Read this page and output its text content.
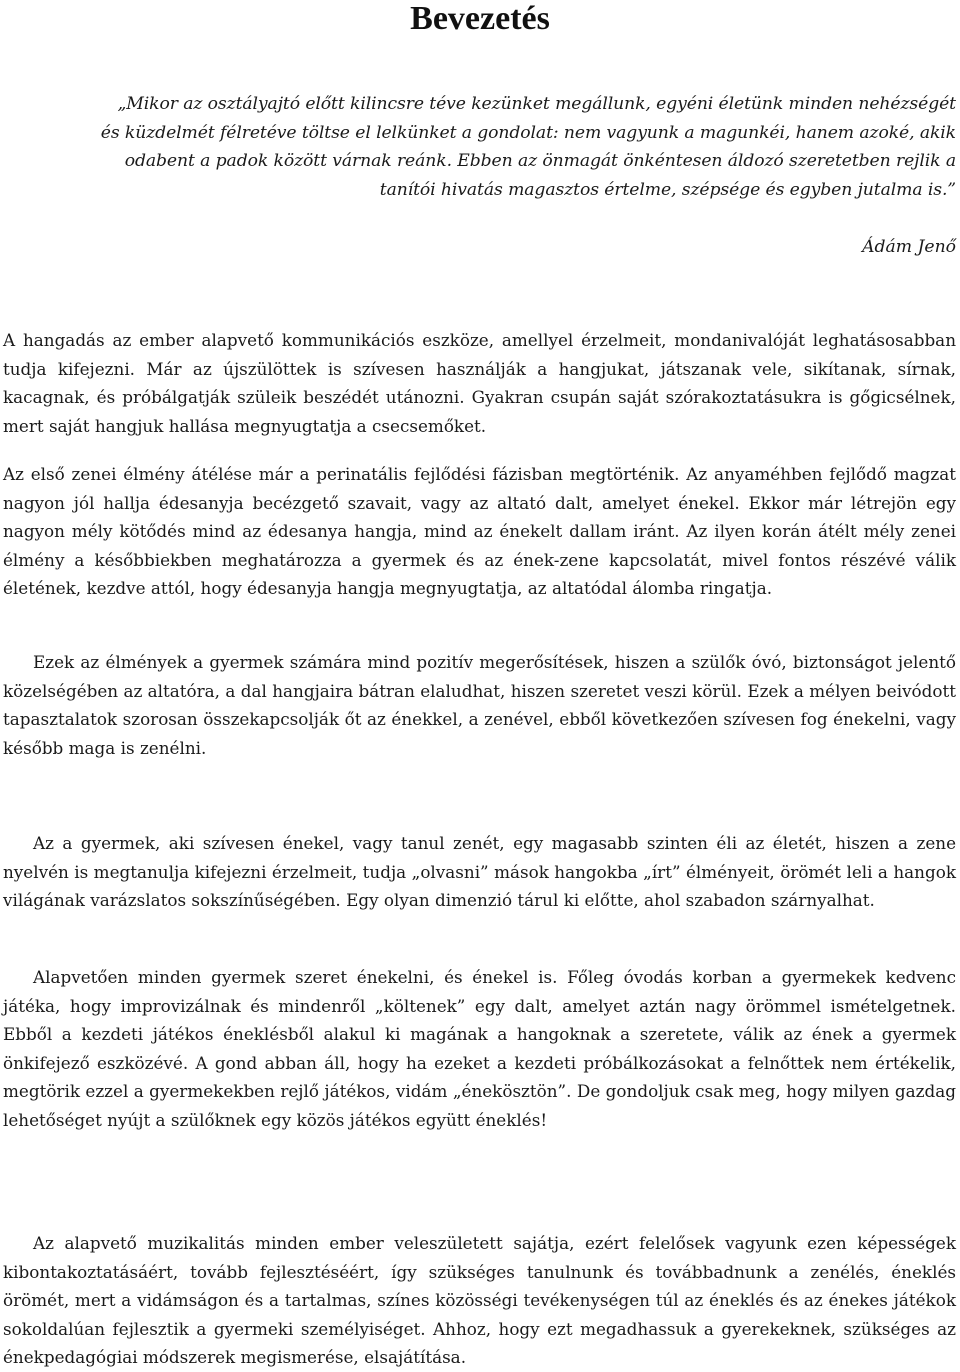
Bevezetés

„Mikor az osztályajtó előtt kilincsre téve kezünket megállunk, egyéni életünk minden nehézségét és küzdelmét félretéve töltse el lelkünket a gondolat: nem vagyunk a magunkéi, hanem azoké, akik odabent a padok között várnak reánk. Ebben az önmagát önkéntesen áldozó szeretetben rejlik a tanítói hivatás magasztos értelme, szépsége és egyben jutalma is.”

Ádám Jenő

A hangadás az ember alapvető kommunikációs eszköze, amellyel érzelmeit, mondanivalóját leghatásosabban tudja kifejezni. Már az újszülöttek is szívesen használják a hangjukat, játszanak vele, sikítanak, sírnak, kacagnak, és próbálgatják szüleik beszédét utánozni. Gyakran csupán saját szórakoztatásukra is gőgicsélnek, mert saját hangjuk hallása megnyugtatja a csecsemőket.

Az első zenei élmény átélése már a perinatális fejlődési fázisban megtörténik. Az anyaméhben fejlődő magzat nagyon jól hallja édesanyja becézgető szavait, vagy az altató dalt, amelyet énekel. Ekkor már létrejön egy nagyon mély kötődés mind az édesanya hangja, mind az énekelt dallam iránt. Az ilyen korán átélt mély zenei élmény a későbbiekben meghatározza a gyermek és az ének-zene kapcsolatát, mivel fontos részévé válik életének, kezdve attól, hogy édesanyja hangja megnyugtatja, az altatódal álomba ringatja.

Ezek az élmények a gyermek számára mind pozitív megerősítések, hiszen a szülők óvó, biztonságot jelentő közelségében az altatóra, a dal hangjaira bátran elaludhat, hiszen szeretet veszi körül. Ezek a mélyen beivódott tapasztalatok szorosan összekapcsolják őt az énekkel, a zenével, ebből következően szívesen fog énekelni, vagy később maga is zenélni.

Az a gyermek, aki szívesen énekel, vagy tanul zenét, egy magasabb szinten éli az életét, hiszen a zene nyelvén is megtanulja kifejezni érzelmeit, tudja „olvasni” mások hangokba „írt” élményeit, örömét leli a hangok világának varázslatos sokszínűségében. Egy olyan dimenzió tárul ki előtte, ahol szabadon szárnyalhat.

Alapvetően minden gyermek szeret énekelni, és énekel is. Főleg óvodás korban a gyermekek kedvenc játéka, hogy improvizálnak és mindenről „költenek” egy dalt, amelyet aztán nagy örömmel ismételgetnek. Ebből a kezdeti játékos éneklésből alakul ki magának a hangoknak a szeretete, válik az ének a gyermek önkifejező eszközévé. A gond abban áll, hogy ha ezeket a kezdeti próbálkozásokat a felnőttek nem értékelik, megtörik ezzel a gyermekekben rejlő játékos, vidám „énekösztön”. De gondoljuk csak meg, hogy milyen gazdag lehetőséget nyújt a szülőknek egy közös játékos együtt éneklés!

Az alapvető muzikalitás minden ember veleszületett sajátja, ezért felelősek vagyunk ezen képességek kibontakoztatásáért, tovább fejlesztéséért, így szükséges tanulnunk és továbbadnunk a zenélés, éneklés örömét, mert a vidámságon és a tartalmas, színes közösségi tevékenységen túl az éneklés és az énekes játékok sokoldalúan fejlesztik a gyermeki személyiséget. Ahhoz, hogy ezt megadhassuk a gyerekeknek, szükséges az énekpedagógiai módszerek megismerése, elsajátítása.
